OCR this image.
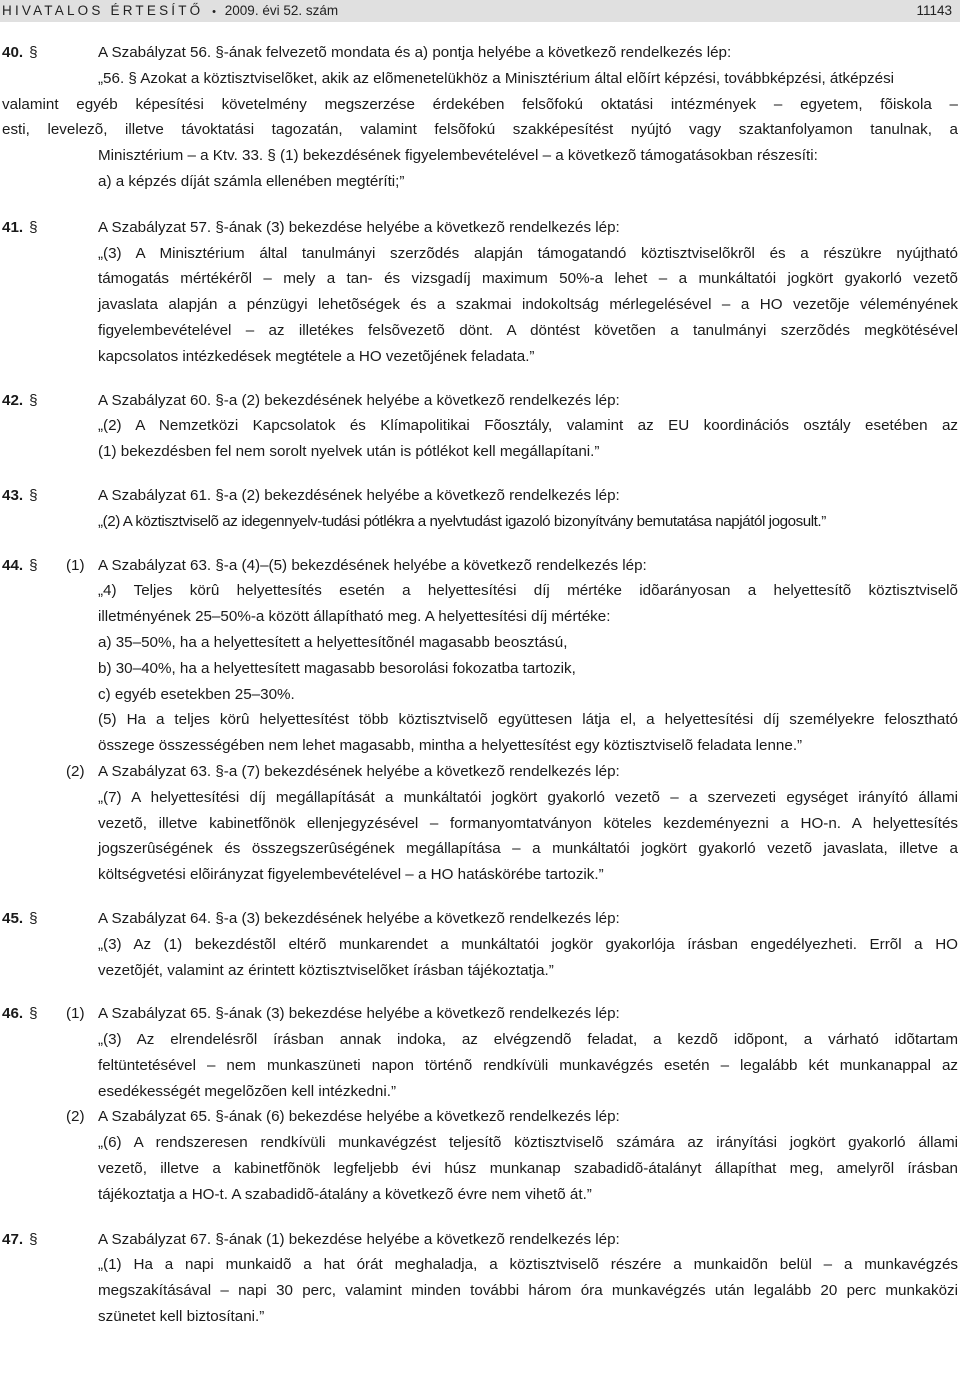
HIVATALOS ÉRTESÍTŐ • 2009. évi 52. szám	11143
40. §	A Szabályzat 56. §-ának felvezetõ mondata és a) pontja helyébe a következõ rendelkezés lép:
„56. § Azokat a köztisztviselõket, akik az elõmenetelükhöz a Minisztérium által elõírt képzési, továbbképzési, átképzési
valamint egyéb képesítési követelmény megszerzése érdekében felsõfokú oktatási intézmények – egyetem, fõiskola –
esti, levelezõ, illetve távoktatási tagozatán, valamint felsõfokú szakképesítést nyújtó vagy szaktanfolyamon tanulnak, a
Minisztérium – a Ktv. 33. § (1) bekezdésének figyelembevételével – a következõ támogatásokban részesíti:
a) a képzés díját számla ellenében megtéríti;”
41. §	A Szabályzat 57. §-ának (3) bekezdése helyébe a következõ rendelkezés lép:
„(3) A Minisztérium által tanulmányi szerzõdés alapján támogatandó köztisztviselõkrõl és a részükre nyújtható
támogatás mértékérõl – mely a tan- és vizsgadíj maximum 50%-a lehet – a munkáltatói jogkört gyakorló vezetõ
javaslata alapján a pénzügyi lehetõségek és a szakmai indokoltság mérlegelésével – a HO vezetõje véleményének
figyelembevételével – az illetékes felsõvezetõ dönt. A döntést követõen a tanulmányi szerzõdés megkötésével
kapcsolatos intézkedések megtétele a HO vezetõjének feladata.”
42. §	A Szabályzat 60. §-a (2) bekezdésének helyébe a következõ rendelkezés lép:
„(2) A Nemzetközi Kapcsolatok és Klímapolitikai Fõosztály, valamint az EU koordinációs osztály esetében az
(1) bekezdésben fel nem sorolt nyelvek után is pótlékot kell megállapítani.”
43. §	A Szabályzat 61. §-a (2) bekezdésének helyébe a következõ rendelkezés lép:
„(2) A köztisztviselõ az idegennyelv-tudási pótlékra a nyelvtudást igazoló bizonyítvány bemutatása napjától jogosult.”
44. § (1) A Szabályzat 63. §-a (4)–(5) bekezdésének helyébe a következõ rendelkezés lép:
„4) Teljes körû helyettesítés esetén a helyettesítési díj mértéke idõarányosan a helyettesítõ köztisztviselõ
illetményének 25–50%-a között állapítható meg. A helyettesítési díj mértéke:
a) 35–50%, ha a helyettesített a helyettesítõnél magasabb beosztású,
b) 30–40%, ha a helyettesített magasabb besorolási fokozatba tartozik,
c) egyéb esetekben 25–30%.
(5) Ha a teljes körû helyettesítést több köztisztviselõ együttesen látja el, a helyettesítési díj személyekre felosztható
összege összességében nem lehet magasabb, mintha a helyettesítést egy köztisztviselõ feladata lenne.”
(2) A Szabályzat 63. §-a (7) bekezdésének helyébe a következõ rendelkezés lép:
„(7) A helyettesítési díj megállapítását a munkáltatói jogkört gyakorló vezetõ – a szervezeti egységet irányító állami
vezetõ, illetve kabinetfõnök ellenjegyzésével – formanyomtatványon köteles kezdeményezni a HO-n. A helyettesítés
jogszerûségének és összegszerûségének megállapítása – a munkáltatói jogkört gyakorló vezetõ javaslata, illetve a
költségvetési elõirányzat figyelembevételével – a HO hatáskörébe tartozik.”
45. §	A Szabályzat 64. §-a (3) bekezdésének helyébe a következõ rendelkezés lép:
„(3) Az (1) bekezdéstõl eltérõ munkarendet a munkáltatói jogkör gyakorlója írásban engedélyezheti. Errõl a HO
vezetõjét, valamint az érintett köztisztviselõket írásban tájékoztatja.”
46. § (1) A Szabályzat 65. §-ának (3) bekezdése helyébe a következõ rendelkezés lép:
„(3) Az elrendelésrõl írásban annak indoka, az elvégzendõ feladat, a kezdõ idõpont, a várható idõtartam
feltüntetésével – nem munkaszüneti napon történõ rendkívüli munkavégzés esetén – legalább két munkanappal az
esedékességét megelõzõen kell intézkedni.”
(2) A Szabályzat 65. §-ának (6) bekezdése helyébe a következõ rendelkezés lép:
„(6) A rendszeresen rendkívüli munkavégzést teljesítõ köztisztviselõ számára az irányítási jogkört gyakorló állami
vezetõ, illetve a kabinetfõnök legfeljebb évi húsz munkanap szabadidõ-átalányt állapíthat meg, amelyrõl írásban
tájékoztatja a HO-t. A szabadidõ-átalány a következõ évre nem vihetõ át.”
47. §	A Szabályzat 67. §-ának (1) bekezdése helyébe a következõ rendelkezés lép:
„(1) Ha a napi munkaidõ a hat órát meghaladja, a köztisztviselõ részére a munkaidõn belül – a munkavégzés
megszakításával – napi 30 perc, valamint minden további három óra munkavégzés után legalább 20 perc munkaközi
szünetet kell biztosítani.”
